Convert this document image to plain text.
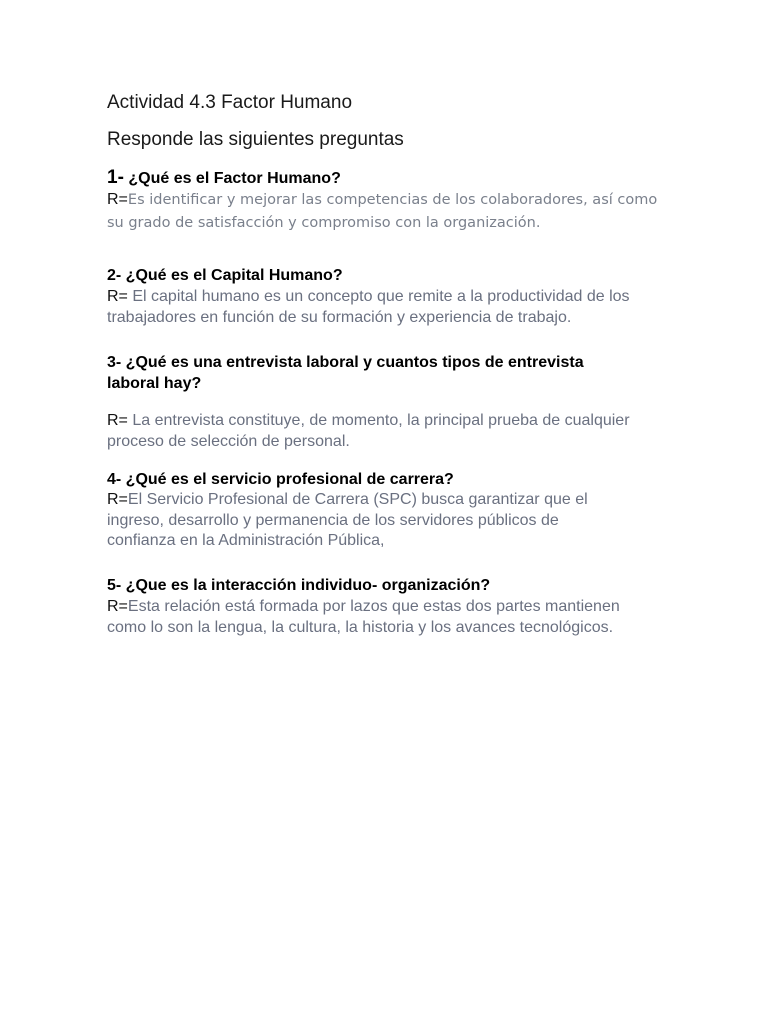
Actividad 4.3 Factor Humano
Responde las siguientes preguntas
1- ¿Qué es el Factor Humano?
R=Es identificar y mejorar las competencias de los colaboradores, así como
su grado de satisfacción y compromiso con la organización.
2- ¿Qué es el Capital Humano?
R= El capital humano es un concepto que remite a la productividad de los
trabajadores en función de su formación y experiencia de trabajo.
3- ¿Qué es una entrevista laboral y cuantos tipos de entrevista
laboral hay?
R= La entrevista constituye, de momento, la principal prueba de cualquier
proceso de selección de personal.
4- ¿Qué es el servicio profesional de carrera?
R=El Servicio Profesional de Carrera (SPC) busca garantizar que el
ingreso, desarrollo y permanencia de los servidores públicos de
confianza en la Administración Pública,
5- ¿Que es la interacción individuo- organización?
R=Esta relación está formada por lazos que estas dos partes mantienen
como lo son la lengua, la cultura, la historia y los avances tecnológicos.
